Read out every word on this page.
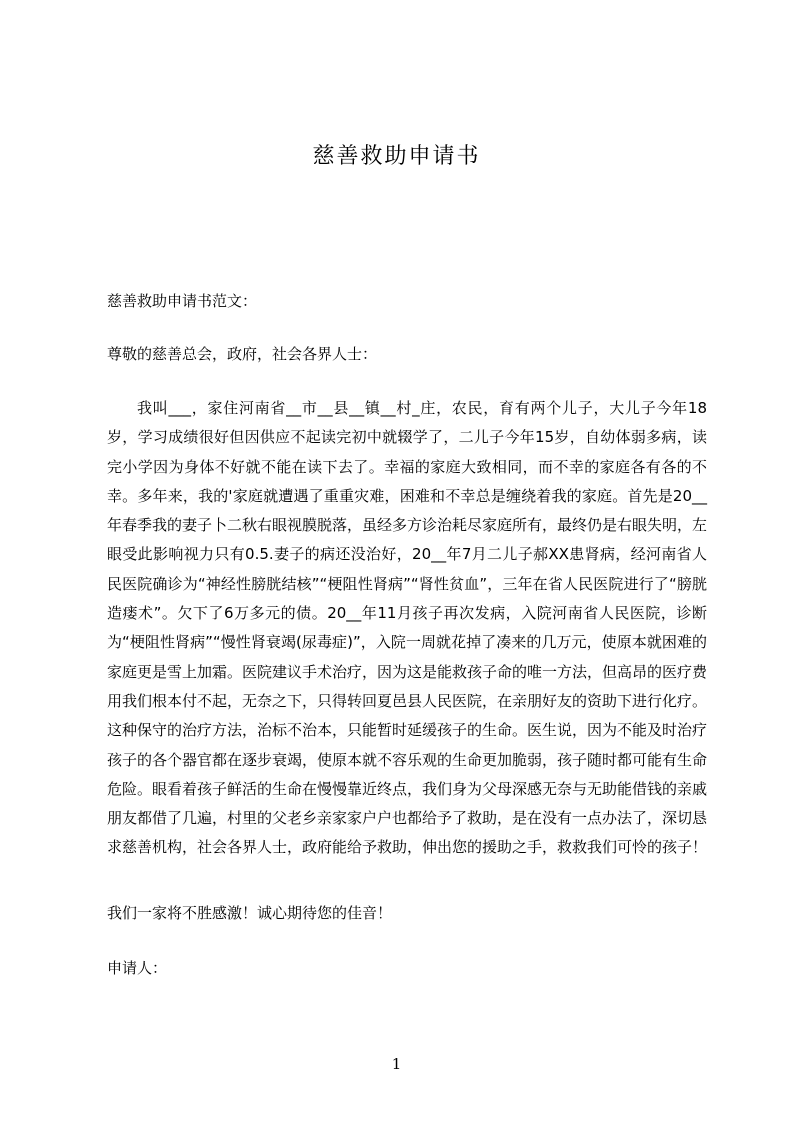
慈善救助申请书

慈善救助申请书范文：

尊敬的慈善总会，政府，社会各界人士：

我叫___，家住河南省__市__县__镇__村_庄，农民，育有两个儿子，大儿子今年18岁，学习成绩很好但因供应不起读完初中就辍学了，二儿子今年15岁，自幼体弱多病，读完小学因为身体不好就不能在读下去了。幸福的家庭大致相同，而不幸的家庭各有各的不幸。多年来，我的'家庭就遭遇了重重灾难，困难和不幸总是缠绕着我的家庭。首先是20__年春季我的妻子卜二秋右眼视膜脱落，虽经多方诊治耗尽家庭所有，最终仍是右眼失明，左眼受此影响视力只有0.5.妻子的病还没治好，20__年7月二儿子郝XX患肾病，经河南省人民医院确诊为“神经性膀胱结核”“梗阻性肾病”“肾性贫血”，三年在省人民医院进行了“膀胱造瘘术”。欠下了6万多元的债。20__年11月孩子再次发病，入院河南省人民医院，诊断为“梗阻性肾病”“慢性肾衰竭(尿毒症)”，入院一周就花掉了凑来的几万元，使原本就困难的家庭更是雪上加霜。医院建议手术治疗，因为这是能救孩子命的唯一方法，但高昂的医疗费用我们根本付不起，无奈之下，只得转回夏邑县人民医院，在亲朋好友的资助下进行化疗。这种保守的治疗方法，治标不治本，只能暂时延缓孩子的生命。医生说，因为不能及时治疗孩子的各个器官都在逐步衰竭，使原本就不容乐观的生命更加脆弱，孩子随时都可能有生命危险。眼看着孩子鲜活的生命在慢慢靠近终点，我们身为父母深感无奈与无助能借钱的亲戚朋友都借了几遍，村里的父老乡亲家家户户也都给予了救助，是在没有一点办法了，深切恳求慈善机构，社会各界人士，政府能给予救助，伸出您的援助之手，救救我们可怜的孩子！

我们一家将不胜感激！诚心期待您的佳音！

申请人：

1
